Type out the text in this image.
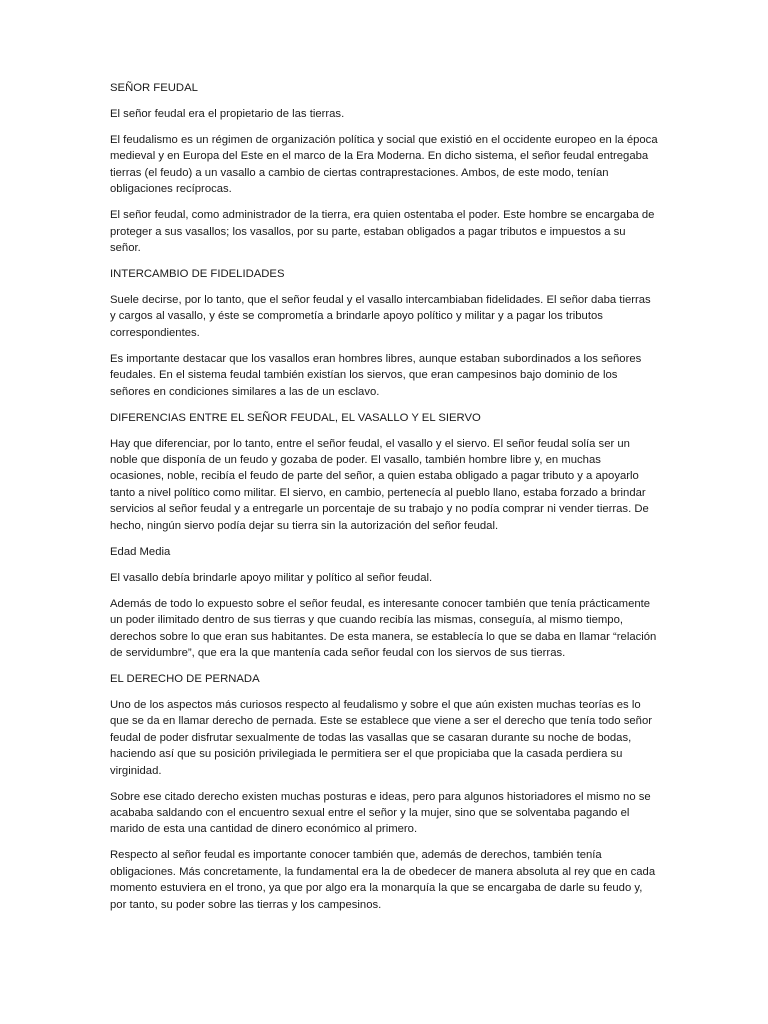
SEÑOR FEUDAL

El señor feudal era el propietario de las tierras.

El feudalismo es un régimen de organización política y social que existió en el occidente europeo en la época medieval y en Europa del Este en el marco de la Era Moderna. En dicho sistema, el señor feudal entregaba tierras (el feudo) a un vasallo a cambio de ciertas contraprestaciones. Ambos, de este modo, tenían obligaciones recíprocas.

El señor feudal, como administrador de la tierra, era quien ostentaba el poder. Este hombre se encargaba de proteger a sus vasallos; los vasallos, por su parte, estaban obligados a pagar tributos e impuestos a su señor.

INTERCAMBIO DE FIDELIDADES

Suele decirse, por lo tanto, que el señor feudal y el vasallo intercambiaban fidelidades. El señor daba tierras y cargos al vasallo, y éste se comprometía a brindarle apoyo político y militar y a pagar los tributos correspondientes.

Es importante destacar que los vasallos eran hombres libres, aunque estaban subordinados a los señores feudales. En el sistema feudal también existían los siervos, que eran campesinos bajo dominio de los señores en condiciones similares a las de un esclavo.

DIFERENCIAS ENTRE EL SEÑOR FEUDAL, EL VASALLO Y EL SIERVO

Hay que diferenciar, por lo tanto, entre el señor feudal, el vasallo y el siervo. El señor feudal solía ser un noble que disponía de un feudo y gozaba de poder. El vasallo, también hombre libre y, en muchas ocasiones, noble, recibía el feudo de parte del señor, a quien estaba obligado a pagar tributo y a apoyarlo tanto a nivel político como militar. El siervo, en cambio, pertenecía al pueblo llano, estaba forzado a brindar servicios al señor feudal y a entregarle un porcentaje de su trabajo y no podía comprar ni vender tierras. De hecho, ningún siervo podía dejar su tierra sin la autorización del señor feudal.

Edad Media

El vasallo debía brindarle apoyo militar y político al señor feudal.

Además de todo lo expuesto sobre el señor feudal, es interesante conocer también que tenía prácticamente un poder ilimitado dentro de sus tierras y que cuando recibía las mismas, conseguía, al mismo tiempo, derechos sobre lo que eran sus habitantes. De esta manera, se establecía lo que se daba en llamar “relación de servidumbre”, que era la que mantenía cada señor feudal con los siervos de sus tierras.

EL DERECHO DE PERNADA

Uno de los aspectos más curiosos respecto al feudalismo y sobre el que aún existen muchas teorías es lo que se da en llamar derecho de pernada. Este se establece que viene a ser el derecho que tenía todo señor feudal de poder disfrutar sexualmente de todas las vasallas que se casaran durante su noche de bodas, haciendo así que su posición privilegiada le permitiera ser el que propiciaba que la casada perdiera su virginidad.

Sobre ese citado derecho existen muchas posturas e ideas, pero para algunos historiadores el mismo no se acababa saldando con el encuentro sexual entre el señor y la mujer, sino que se solventaba pagando el marido de esta una cantidad de dinero económico al primero.

Respecto al señor feudal es importante conocer también que, además de derechos, también tenía obligaciones. Más concretamente, la fundamental era la de obedecer de manera absoluta al rey que en cada momento estuviera en el trono, ya que por algo era la monarquía la que se encargaba de darle su feudo y, por tanto, su poder sobre las tierras y los campesinos.
